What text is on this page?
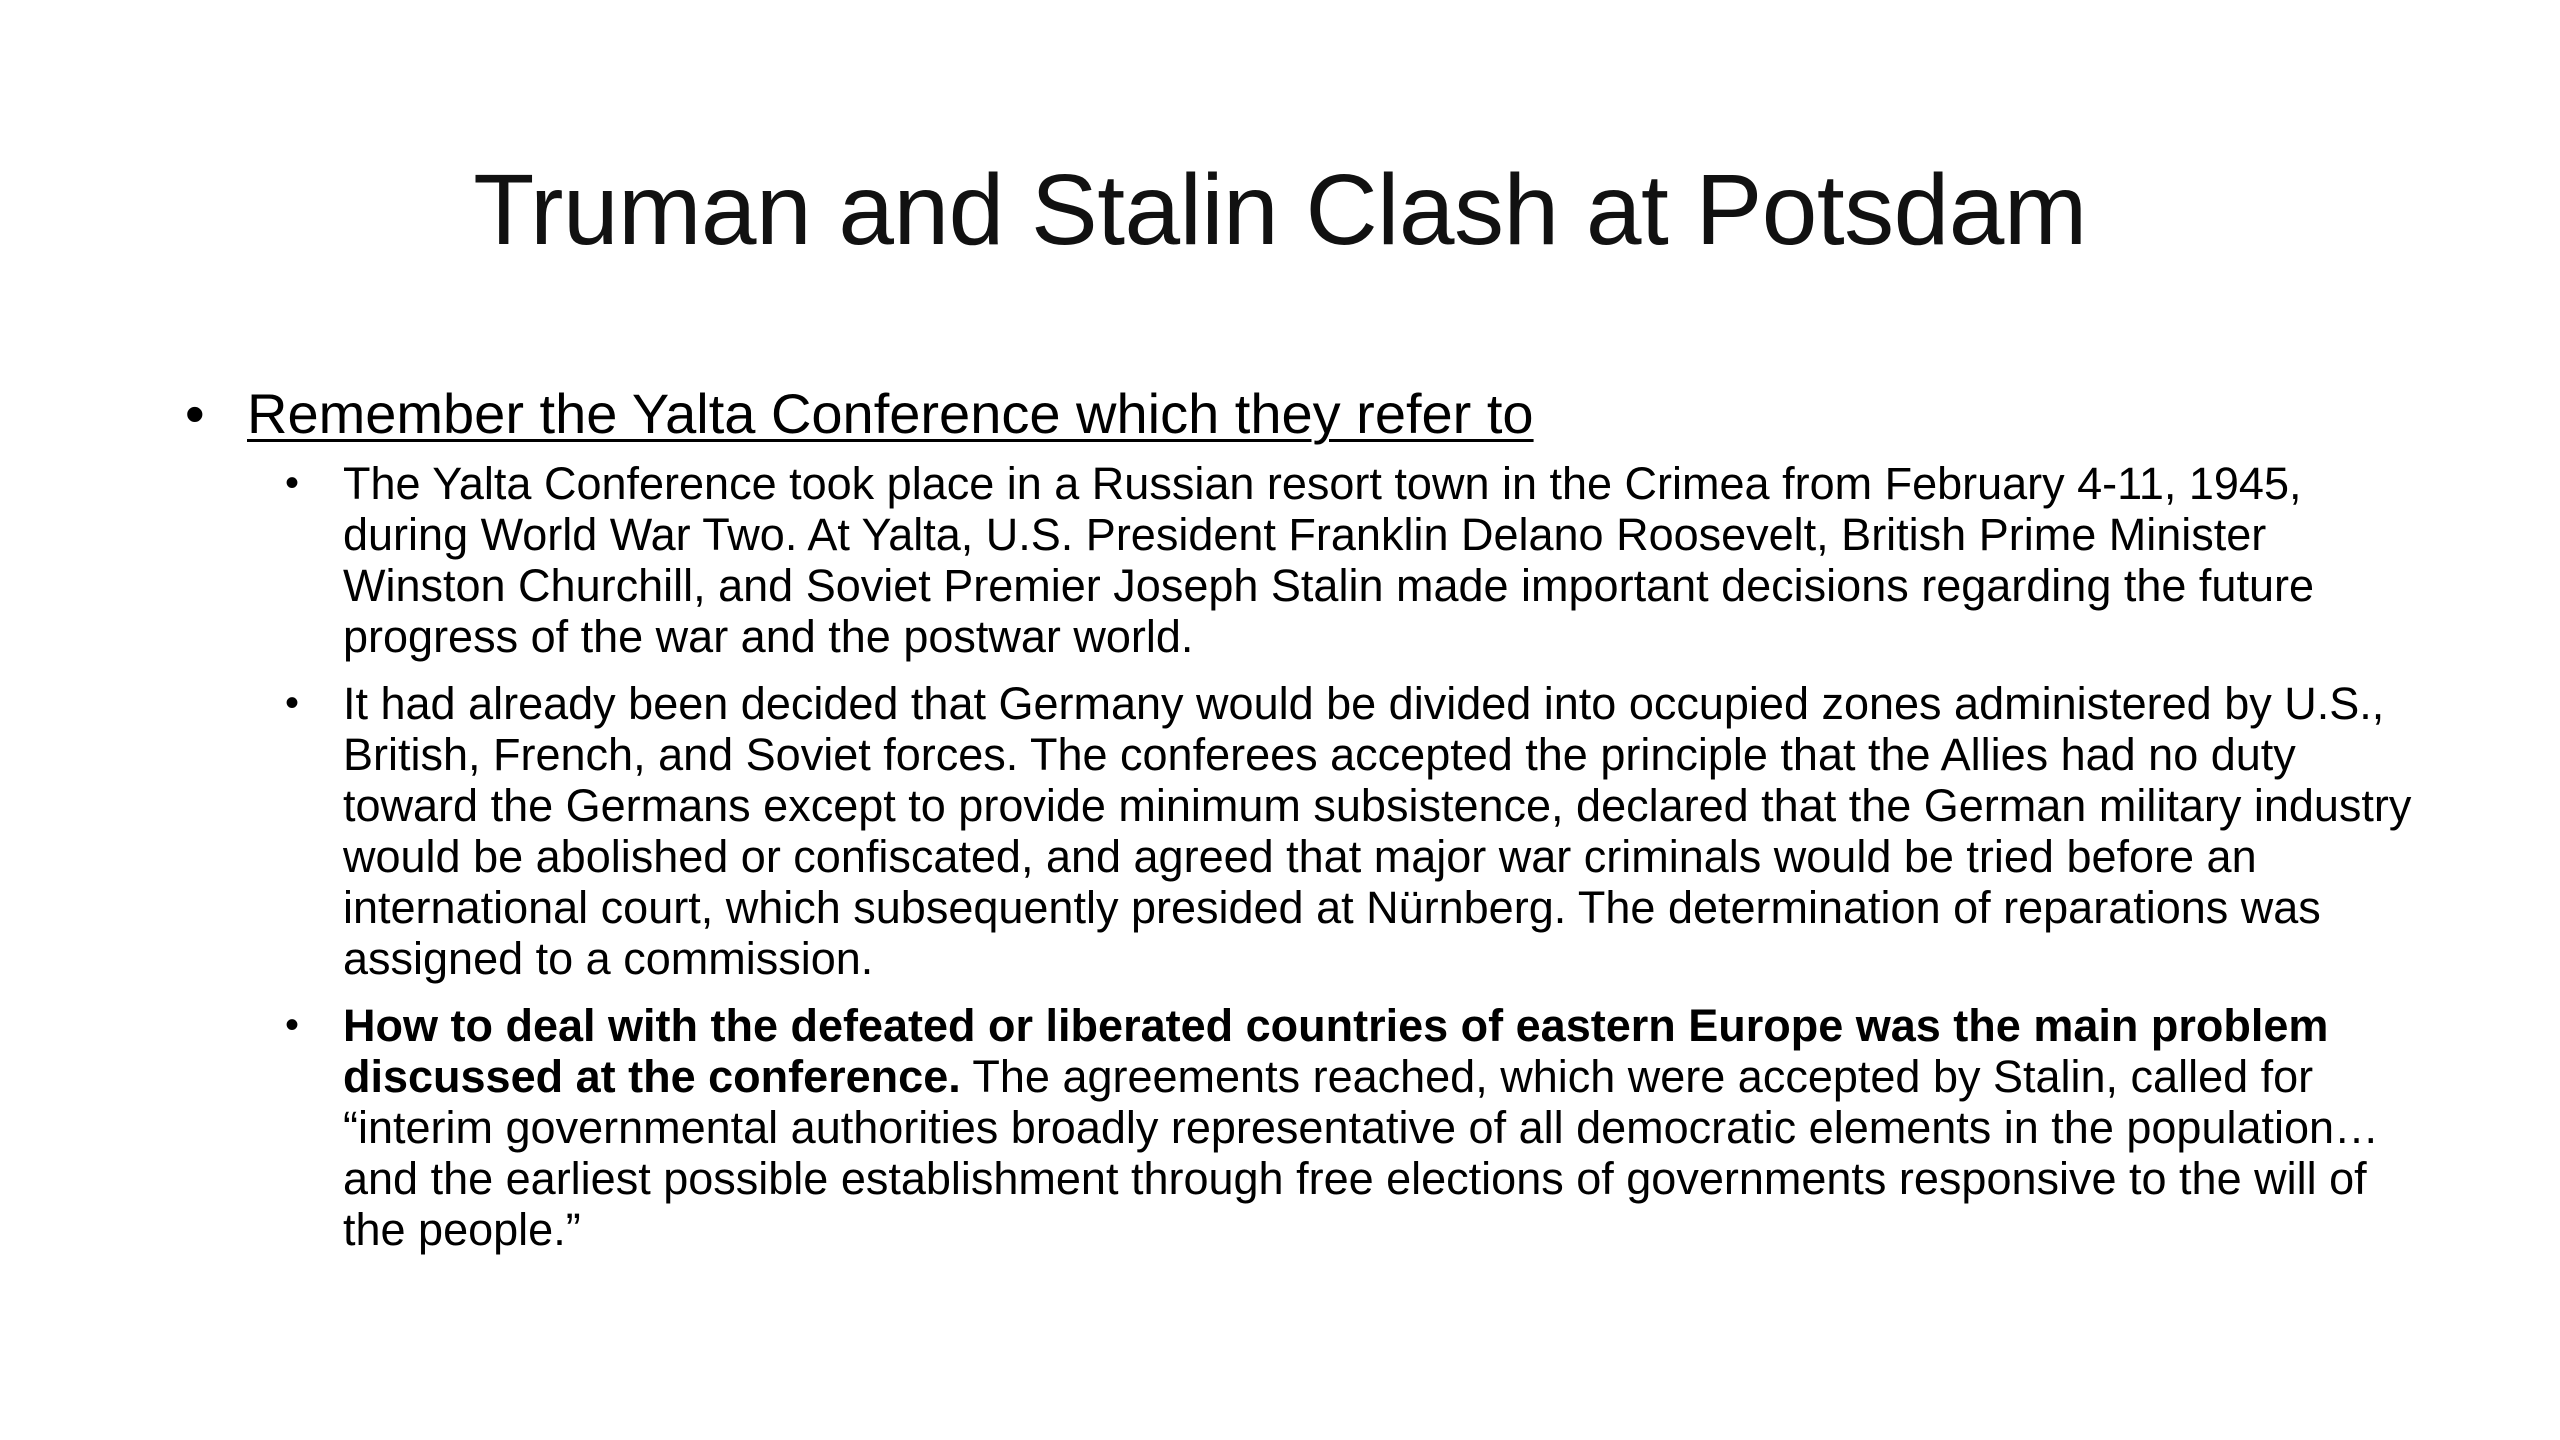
Truman and Stalin Clash at Potsdam
• Remember the Yalta Conference which they refer to
• The Yalta Conference took place in a Russian resort town in the Crimea from February 4-11, 1945, during World War Two. At Yalta, U.S. President Franklin Delano Roosevelt, British Prime Minister Winston Churchill, and Soviet Premier Joseph Stalin made important decisions regarding the future progress of the war and the postwar world.
• It had already been decided that Germany would be divided into occupied zones administered by U.S., British, French, and Soviet forces. The conferees accepted the principle that the Allies had no duty toward the Germans except to provide minimum subsistence, declared that the German military industry would be abolished or confiscated, and agreed that major war criminals would be tried before an international court, which subsequently presided at Nürnberg. The determination of reparations was assigned to a commission.
• How to deal with the defeated or liberated countries of eastern Europe was the main problem discussed at the conference. The agreements reached, which were accepted by Stalin, called for “interim governmental authorities broadly representative of all democratic elements in the population…and the earliest possible establishment through free elections of governments responsive to the will of the people.”
